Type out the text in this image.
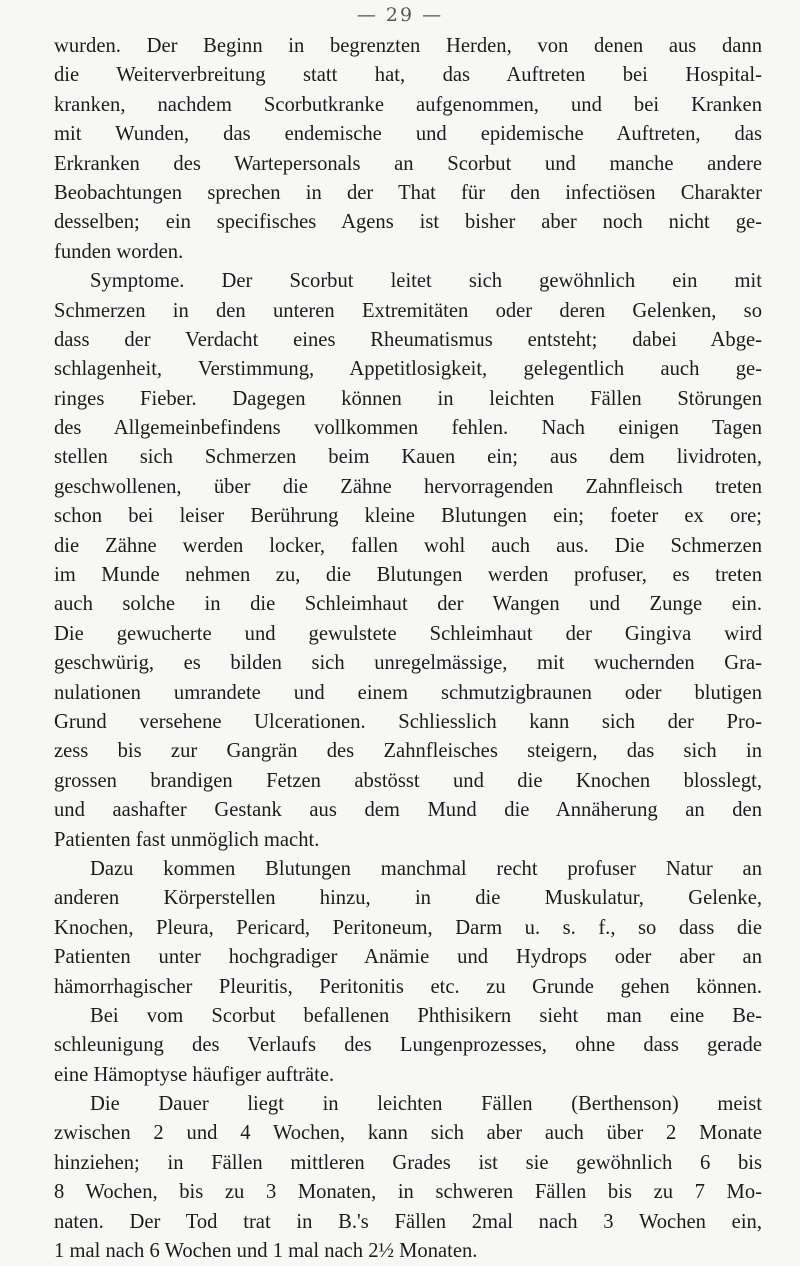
— 29 —
wurden. Der Beginn in begrenzten Herden, von denen aus dann
die Weiterverbreitung statt hat, das Auftreten bei Hospital-
kranken, nachdem Scorbutkranke aufgenommen, und bei Kranken
mit Wunden, das endemische und epidemische Auftreten, das
Erkranken des Wartepersonals an Scorbut und manche andere
Beobachtungen sprechen in der That für den infectiösen Charakter
desselben; ein specifisches Agens ist bisher aber noch nicht ge-
funden worden.
Symptome. Der Scorbut leitet sich gewöhnlich ein mit
Schmerzen in den unteren Extremitäten oder deren Gelenken, so
dass der Verdacht eines Rheumatismus entsteht; dabei Abge-
schlagenheit, Verstimmung, Appetitlosigkeit, gelegentlich auch ge-
ringes Fieber. Dagegen können in leichten Fällen Störungen
des Allgemeinbefindens vollkommen fehlen. Nach einigen Tagen
stellen sich Schmerzen beim Kauen ein; aus dem lividroten,
geschwollenen, über die Zähne hervorragenden Zahnfleisch treten
schon bei leiser Berührung kleine Blutungen ein; foeter ex ore;
die Zähne werden locker, fallen wohl auch aus. Die Schmerzen
im Munde nehmen zu, die Blutungen werden profuser, es treten
auch solche in die Schleimhaut der Wangen und Zunge ein.
Die gewucherte und gewulstete Schleimhaut der Gingiva wird
geschwürig, es bilden sich unregelmässige, mit wuchernden Gra-
nulationen umrandete und einem schmutzigbraunen oder blutigen
Grund versehene Ulcerationen. Schliesslich kann sich der Pro-
zess bis zur Gangrän des Zahnfleisches steigern, das sich in
grossen brandigen Fetzen abstösst und die Knochen blosslegt,
und aashafter Gestank aus dem Mund die Annäherung an den
Patienten fast unmöglich macht.
Dazu kommen Blutungen manchmal recht profuser Natur an
anderen Körperstellen hinzu, in die Muskulatur, Gelenke,
Knochen, Pleura, Pericard, Peritoneum, Darm u. s. f., so dass die
Patienten unter hochgradiger Anämie und Hydrops oder aber an
hämorrhagischer Pleuritis, Peritonitis etc. zu Grunde gehen können.
Bei vom Scorbut befallenen Phthisikern sieht man eine Be-
schleunigung des Verlaufs des Lungenprozesses, ohne dass gerade
eine Hämoptyse häufiger aufträte.
Die Dauer liegt in leichten Fällen (Berthenson) meist
zwischen 2 und 4 Wochen, kann sich aber auch über 2 Monate
hinziehen; in Fällen mittleren Grades ist sie gewöhnlich 6 bis
8 Wochen, bis zu 3 Monaten, in schweren Fällen bis zu 7 Mo-
naten. Der Tod trat in B.'s Fällen 2mal nach 3 Wochen ein,
1 mal nach 6 Wochen und 1 mal nach 2½ Monaten.
